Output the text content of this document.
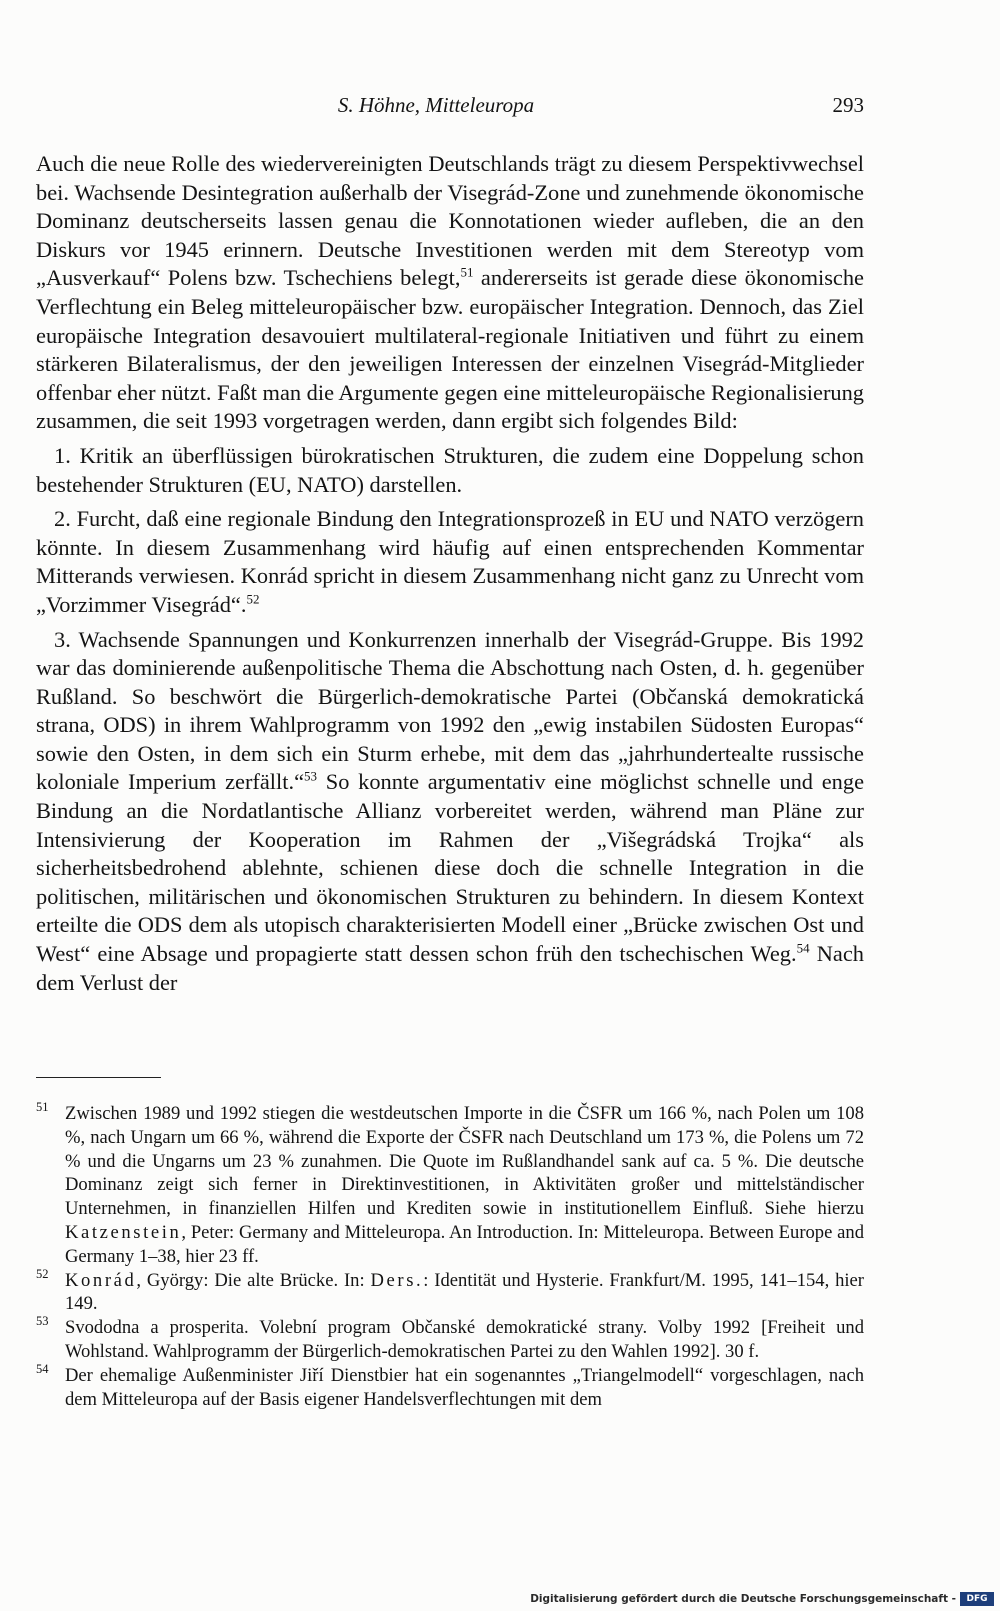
S. Höhne, Mitteleuropa	293

Auch die neue Rolle des wiedervereinigten Deutschlands trägt zu diesem Perspektivwechsel bei. Wachsende Desintegration außerhalb der Visegrád-Zone und zunehmende ökonomische Dominanz deutscherseits lassen genau die Konnotationen wieder aufleben, die an den Diskurs vor 1945 erinnern. Deutsche Investitionen werden mit dem Stereotyp vom „Ausverkauf“ Polens bzw. Tschechiens belegt,$^{51}$ andererseits ist gerade diese ökonomische Verflechtung ein Beleg mitteleuropäischer bzw. europäischer Integration. Dennoch, das Ziel europäische Integration desavouiert multilateral-regionale Initiativen und führt zu einem stärkeren Bilateralismus, der den jeweiligen Interessen der einzelnen Visegrád-Mitglieder offenbar eher nützt. Faßt man die Argumente gegen eine mitteleuropäische Regionalisierung zusammen, die seit 1993 vorgetragen werden, dann ergibt sich folgendes Bild:

1. Kritik an überflüssigen bürokratischen Strukturen, die zudem eine Doppelung schon bestehender Strukturen (EU, NATO) darstellen.

2. Furcht, daß eine regionale Bindung den Integrationsprozeß in EU und NATO verzögern könnte. In diesem Zusammenhang wird häufig auf einen entsprechenden Kommentar Mitterands verwiesen. Konrád spricht in diesem Zusammenhang nicht ganz zu Unrecht vom „Vorzimmer Visegrád“.$^{52}$

3. Wachsende Spannungen und Konkurrenzen innerhalb der Visegrád-Gruppe. Bis 1992 war das dominierende außenpolitische Thema die Abschottung nach Osten, d. h. gegenüber Rußland. So beschwört die Bürgerlich-demokratische Partei (Občanská demokratická strana, ODS) in ihrem Wahlprogramm von 1992 den „ewig instabilen Südosten Europas“ sowie den Osten, in dem sich ein Sturm erhebe, mit dem das „jahrhundertealte russische koloniale Imperium zerfällt.“$^{53}$ So konnte argumentativ eine möglichst schnelle und enge Bindung an die Nordatlantische Allianz vorbereitet werden, während man Pläne zur Intensivierung der Kooperation im Rahmen der „Višegrádská Trojka“ als sicherheitsbedrohend ablehnte, schienen diese doch die schnelle Integration in die politischen, militärischen und ökonomischen Strukturen zu behindern. In diesem Kontext erteilte die ODS dem als utopisch charakterisierten Modell einer „Brücke zwischen Ost und West“ eine Absage und propagierte statt dessen schon früh den tschechischen Weg.$^{54}$ Nach dem Verlust der

51 Zwischen 1989 und 1992 stiegen die westdeutschen Importe in die ČSFR um 166 %, nach Polen um 108 %, nach Ungarn um 66 %, während die Exporte der ČSFR nach Deutschland um 173 %, die Polens um 72 % und die Ungarns um 23 % zunahmen. Die Quote im Rußlandhandel sank auf ca. 5 %. Die deutsche Dominanz zeigt sich ferner in Direktinvestitionen, in Aktivitäten großer und mittelständischer Unternehmen, in finanziellen Hilfen und Krediten sowie in institutionellem Einfluß. Siehe hierzu Katzenstein, Peter: Germany and Mitteleuropa. An Introduction. In: Mitteleuropa. Between Europe and Germany 1–38, hier 23 ff.

52 Konrád, György: Die alte Brücke. In: Ders.: Identität und Hysterie. Frankfurt/M. 1995, 141–154, hier 149.

53 Svododna a prosperita. Volební program Občanské demokratické strany. Volby 1992 [Freiheit und Wohlstand. Wahlprogramm der Bürgerlich-demokratischen Partei zu den Wahlen 1992]. 30 f.

54 Der ehemalige Außenminister Jiří Dienstbier hat ein sogenanntes „Triangelmodell“ vorgeschlagen, nach dem Mitteleuropa auf der Basis eigener Handelsverflechtungen mit dem

Digitalisierung gefördert durch die Deutsche Forschungsgemeinschaft -	DFG
